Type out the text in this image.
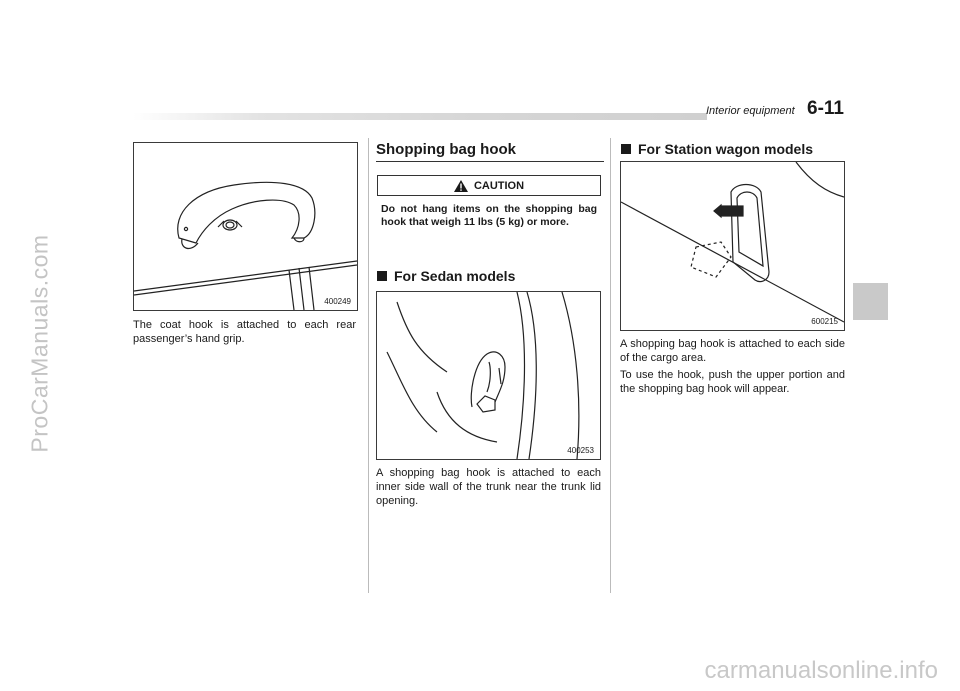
ProCarManuals.com
carmanualsonline.info
Interior equipment 6-11
400249

The coat hook is attached to each rear passenger’s hand grip.

Shopping bag hook
CAUTION
Do not hang items on the shopping bag hook that weigh 11 lbs (5 kg) or more.
For Sedan models
400253

A shopping bag hook is attached to each inner side wall of the trunk near the trunk lid opening.

For Station wagon models
600215

A shopping bag hook is attached to each side of the cargo area.

To use the hook, push the upper portion and the shopping bag hook will appear.
